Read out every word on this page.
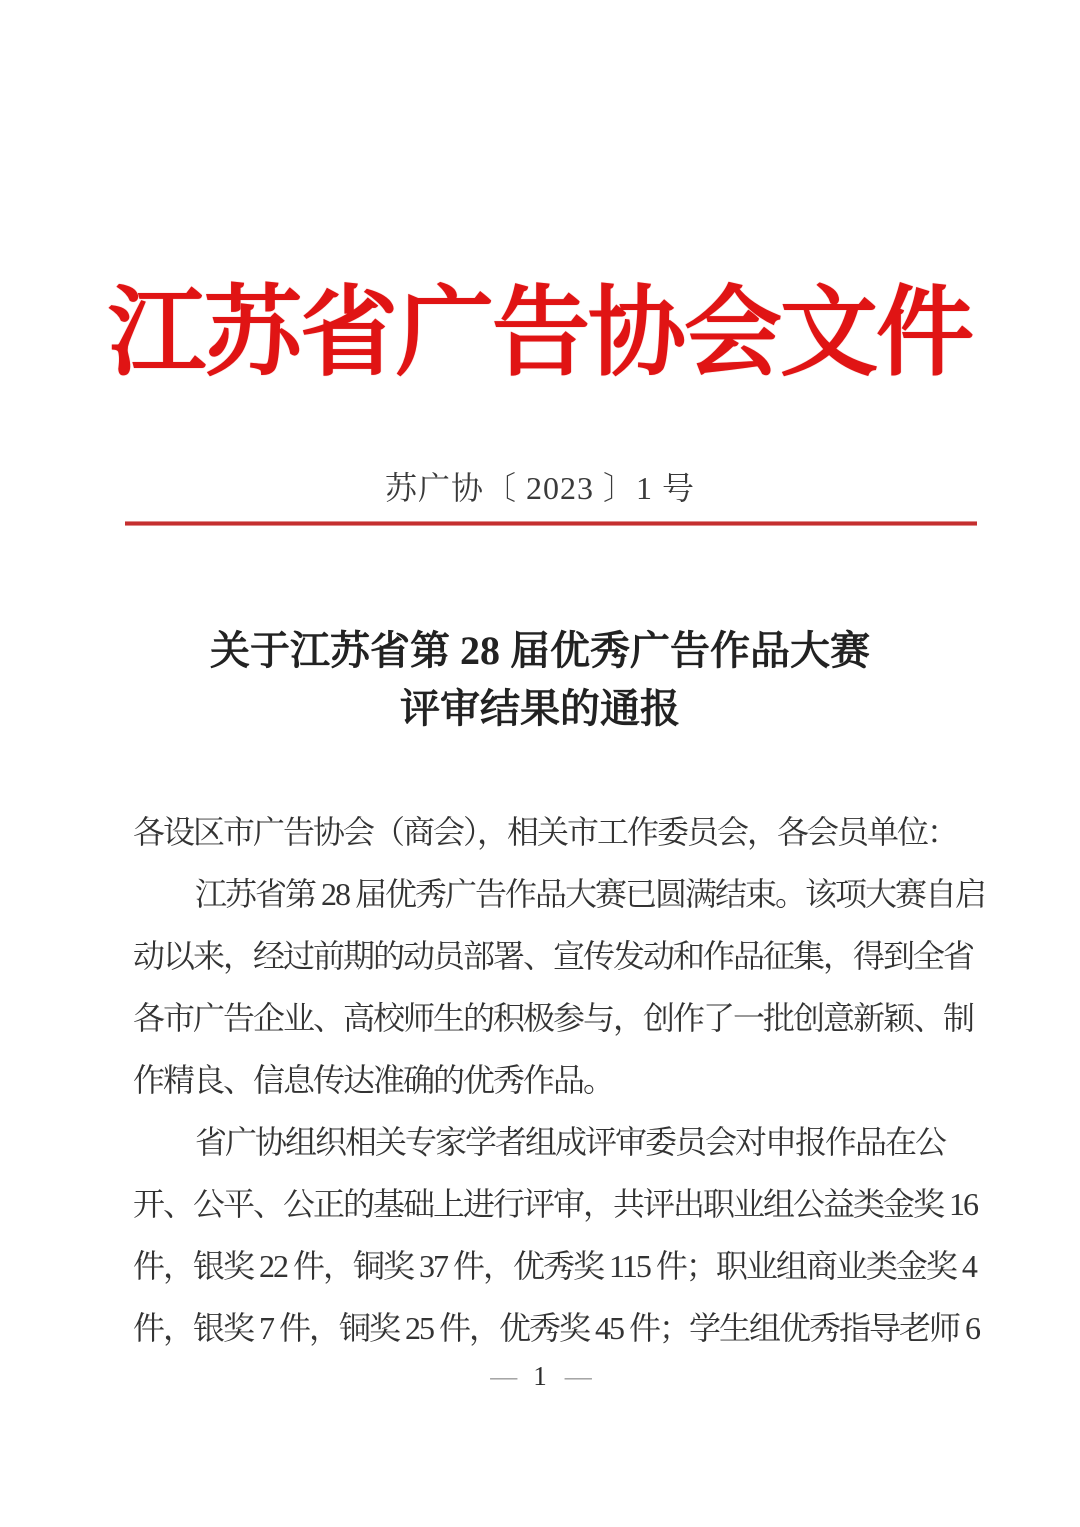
江苏省广告协会文件
苏广协〔 2023 〕1 号
关于江苏省第 28 届优秀广告作品大赛
评审结果的通报
各设区市广告协会（商会），相关市工作委员会，各会员单位：
江苏省第 28 届优秀广告作品大赛已圆满结束。该项大赛自启
动以来，经过前期的动员部署、宣传发动和作品征集，得到全省
各市广告企业、高校师生的积极参与，创作了一批创意新颖、制
作精良、信息传达准确的优秀作品。
省广协组织相关专家学者组成评审委员会对申报作品在公
开、公平、公正的基础上进行评审，共评出职业组公益类金奖 16
件，银奖 22 件，铜奖 37 件，优秀奖 115 件；职业组商业类金奖 4
件，银奖 7 件，铜奖 25 件，优秀奖 45 件；学生组优秀指导老师 6
— 1 —
